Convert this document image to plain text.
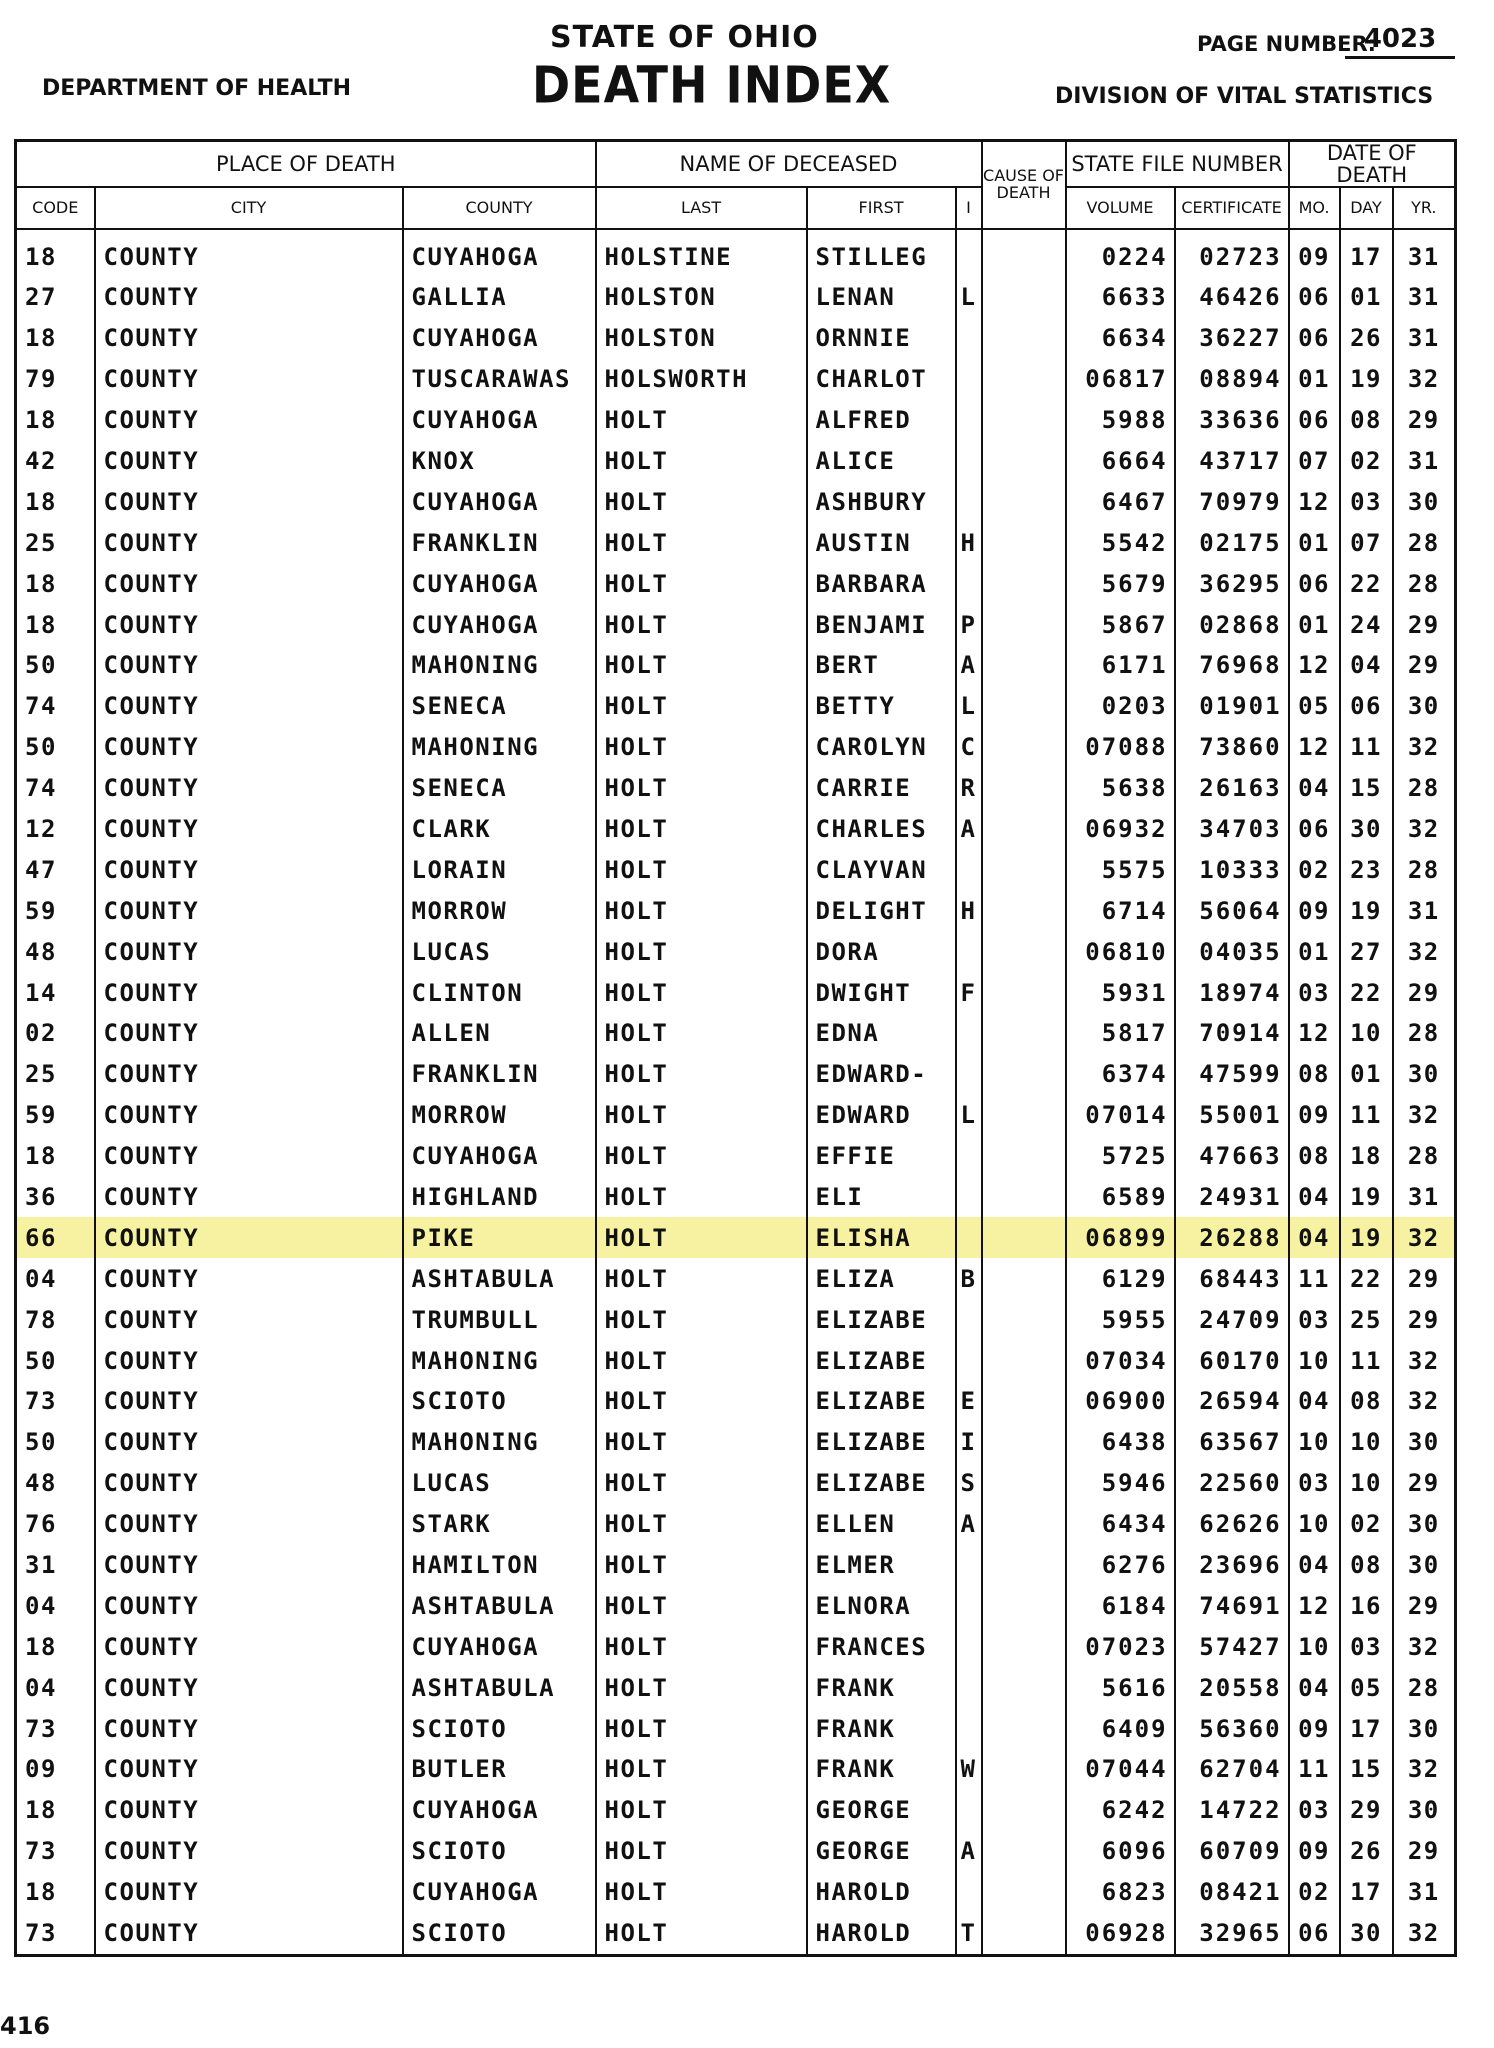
STATE OF OHIO
DEATH INDEX
DEPARTMENT OF HEALTH	DIVISION OF VITAL STATISTICS
PAGE NUMBER:
4023
PLACE OF DEATH			NAME OF DECEASED			CAUSE OF DEATH	STATE FILE NUMBER		DATE OF DEATH		
CODE	CITY	COUNTY	LAST	FIRST	I		VOLUME	CERTIFICATE	MO.	DAY	YR.
18	COUNTY	CUYAHOGA	HOLSTINE	STILLEG			0224	02723	09	17	31
27	COUNTY	GALLIA	HOLSTON	LENAN	L		6633	46426	06	01	31
18	COUNTY	CUYAHOGA	HOLSTON	ORNNIE			6634	36227	06	26	31
79	COUNTY	TUSCARAWAS	HOLSWORTH	CHARLOT			06817	08894	01	19	32
18	COUNTY	CUYAHOGA	HOLT	ALFRED			5988	33636	06	08	29
42	COUNTY	KNOX	HOLT	ALICE			6664	43717	07	02	31
18	COUNTY	CUYAHOGA	HOLT	ASHBURY			6467	70979	12	03	30
25	COUNTY	FRANKLIN	HOLT	AUSTIN	H		5542	02175	01	07	28
18	COUNTY	CUYAHOGA	HOLT	BARBARA			5679	36295	06	22	28
18	COUNTY	CUYAHOGA	HOLT	BENJAMI	P		5867	02868	01	24	29
50	COUNTY	MAHONING	HOLT	BERT	A		6171	76968	12	04	29
74	COUNTY	SENECA	HOLT	BETTY	L		0203	01901	05	06	30
50	COUNTY	MAHONING	HOLT	CAROLYN	C		07088	73860	12	11	32
74	COUNTY	SENECA	HOLT	CARRIE	R		5638	26163	04	15	28
12	COUNTY	CLARK	HOLT	CHARLES	A		06932	34703	06	30	32
47	COUNTY	LORAIN	HOLT	CLAYVAN			5575	10333	02	23	28
59	COUNTY	MORROW	HOLT	DELIGHT	H		6714	56064	09	19	31
48	COUNTY	LUCAS	HOLT	DORA			06810	04035	01	27	32
14	COUNTY	CLINTON	HOLT	DWIGHT	F		5931	18974	03	22	29
02	COUNTY	ALLEN	HOLT	EDNA			5817	70914	12	10	28
25	COUNTY	FRANKLIN	HOLT	EDWARD-			6374	47599	08	01	30
59	COUNTY	MORROW	HOLT	EDWARD	L		07014	55001	09	11	32
18	COUNTY	CUYAHOGA	HOLT	EFFIE			5725	47663	08	18	28
36	COUNTY	HIGHLAND	HOLT	ELI			6589	24931	04	19	31
66	COUNTY	PIKE	HOLT	ELISHA			06899	26288	04	19	32
04	COUNTY	ASHTABULA	HOLT	ELIZA	B		6129	68443	11	22	29
78	COUNTY	TRUMBULL	HOLT	ELIZABE			5955	24709	03	25	29
50	COUNTY	MAHONING	HOLT	ELIZABE			07034	60170	10	11	32
73	COUNTY	SCIOTO	HOLT	ELIZABE	E		06900	26594	04	08	32
50	COUNTY	MAHONING	HOLT	ELIZABE	I		6438	63567	10	10	30
48	COUNTY	LUCAS	HOLT	ELIZABE	S		5946	22560	03	10	29
76	COUNTY	STARK	HOLT	ELLEN	A		6434	62626	10	02	30
31	COUNTY	HAMILTON	HOLT	ELMER			6276	23696	04	08	30
04	COUNTY	ASHTABULA	HOLT	ELNORA			6184	74691	12	16	29
18	COUNTY	CUYAHOGA	HOLT	FRANCES			07023	57427	10	03	32
04	COUNTY	ASHTABULA	HOLT	FRANK			5616	20558	04	05	28
73	COUNTY	SCIOTO	HOLT	FRANK			6409	56360	09	17	30
09	COUNTY	BUTLER	HOLT	FRANK	W		07044	62704	11	15	32
18	COUNTY	CUYAHOGA	HOLT	GEORGE			6242	14722	03	29	30
73	COUNTY	SCIOTO	HOLT	GEORGE	A		6096	60709	09	26	29
18	COUNTY	CUYAHOGA	HOLT	HAROLD			6823	08421	02	17	31
73	COUNTY	SCIOTO	HOLT	HAROLD	T		06928	32965	06	30	32
416
